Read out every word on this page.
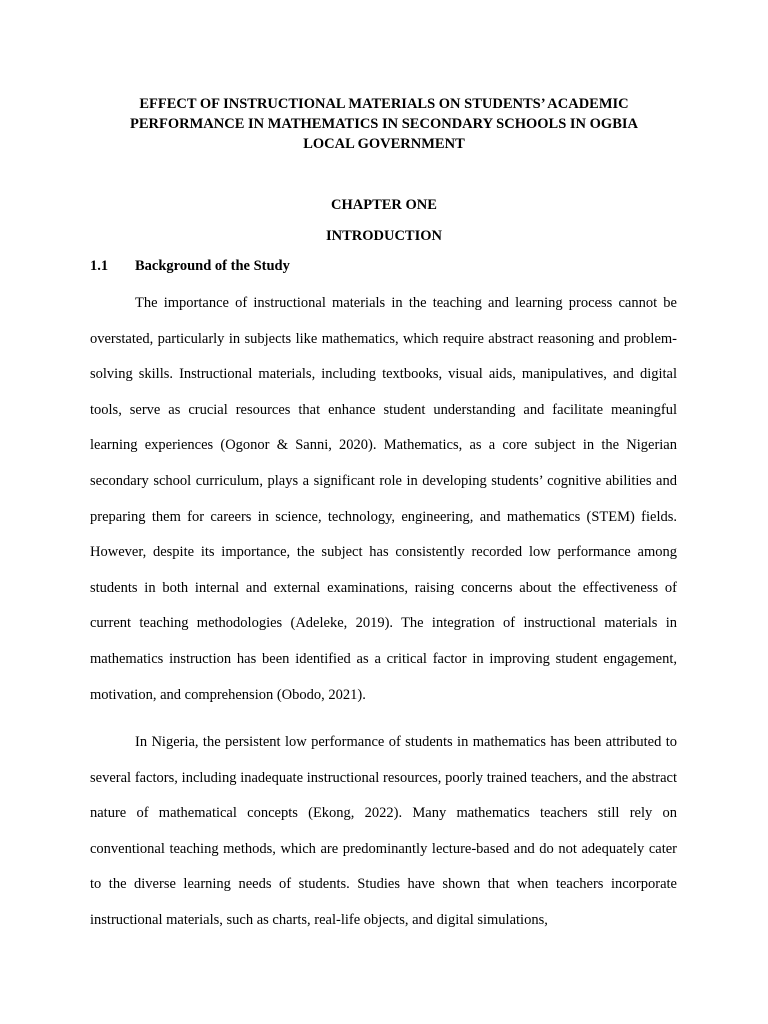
EFFECT OF INSTRUCTIONAL MATERIALS ON STUDENTS’ ACADEMIC
PERFORMANCE IN MATHEMATICS IN SECONDARY SCHOOLS IN OGBIA
LOCAL GOVERNMENT
CHAPTER ONE
INTRODUCTION
1.1 Background of the Study

The importance of instructional materials in the teaching and learning process cannot be overstated, particularly in subjects like mathematics, which require abstract reasoning and problem-solving skills. Instructional materials, including textbooks, visual aids, manipulatives, and digital tools, serve as crucial resources that enhance student understanding and facilitate meaningful learning experiences (Ogonor & Sanni, 2020). Mathematics, as a core subject in the Nigerian secondary school curriculum, plays a significant role in developing students’ cognitive abilities and preparing them for careers in science, technology, engineering, and mathematics (STEM) fields. However, despite its importance, the subject has consistently recorded low performance among students in both internal and external examinations, raising concerns about the effectiveness of current teaching methodologies (Adeleke, 2019). The integration of instructional materials in mathematics instruction has been identified as a critical factor in improving student engagement, motivation, and comprehension (Obodo, 2021).

In Nigeria, the persistent low performance of students in mathematics has been attributed to several factors, including inadequate instructional resources, poorly trained teachers, and the abstract nature of mathematical concepts (Ekong, 2022). Many mathematics teachers still rely on conventional teaching methods, which are predominantly lecture-based and do not adequately cater to the diverse learning needs of students. Studies have shown that when teachers incorporate instructional materials, such as charts, real-life objects, and digital simulations,
